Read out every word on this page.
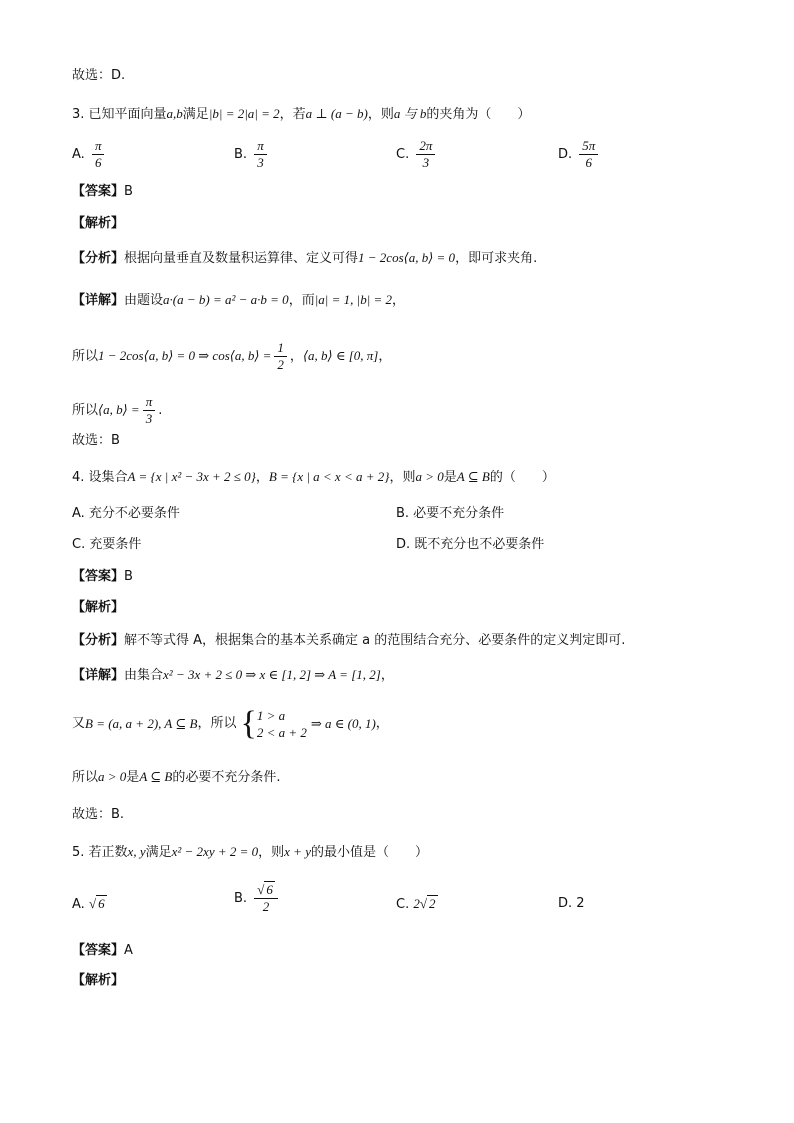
故选：D.
3. 已知平面向量a,b满足|b| = 2|a| = 2，若a ⊥ (a − b)，则a 与 b的夹角为（　　）
A. $\frac{\pi}{6}$	B. $\frac{\pi}{3}$	C. $\frac{2\pi}{3}$	D. $\frac{5\pi}{6}$
【答案】B
【解析】
【分析】根据向量垂直及数量积运算律、定义可得1 − 2cos⟨a, b⟩ = 0，即可求夹角.
【详解】由题设a·(a − b) = a² − a·b = 0，而|a| = 1, |b| = 2，
所以1 − 2cos⟨a, b⟩ = 0 ⇒ cos⟨a, b⟩ = $\frac{1}{2}$ ，⟨a, b⟩ ∈ [0, π]，
所以⟨a, b⟩ = $\frac{\pi}{3}$ .
故选：B
4. 设集合A = {x | x² − 3x + 2 ≤ 0}，B = {x | a < x < a + 2}，则a > 0是A ⊆ B的（　　）
A. 充分不必要条件	B. 必要不充分条件
C. 充要条件	D. 既不充分也不必要条件
【答案】B
【解析】
【分析】解不等式得 A，根据集合的基本关系确定 a 的范围结合充分、必要条件的定义判定即可.
【详解】由集合x² − 3x + 2 ≤ 0 ⇒ x ∈ [1, 2] ⇒ A = [1, 2]，
又 B = (a, a + 2), A ⊆ B ，所以 { 1 > a
2 < a + 2
⇒ a ∈ (0, 1) ，
所以a > 0是A ⊆ B的必要不充分条件.
故选：B.
5. 若正数x, y满足x² − 2xy + 2 = 0，则x + y的最小值是（　　）
A. √ 6	B. $\frac{√ 6}{2}$	C. 2√ 2	D. 2
【答案】A
【解析】
